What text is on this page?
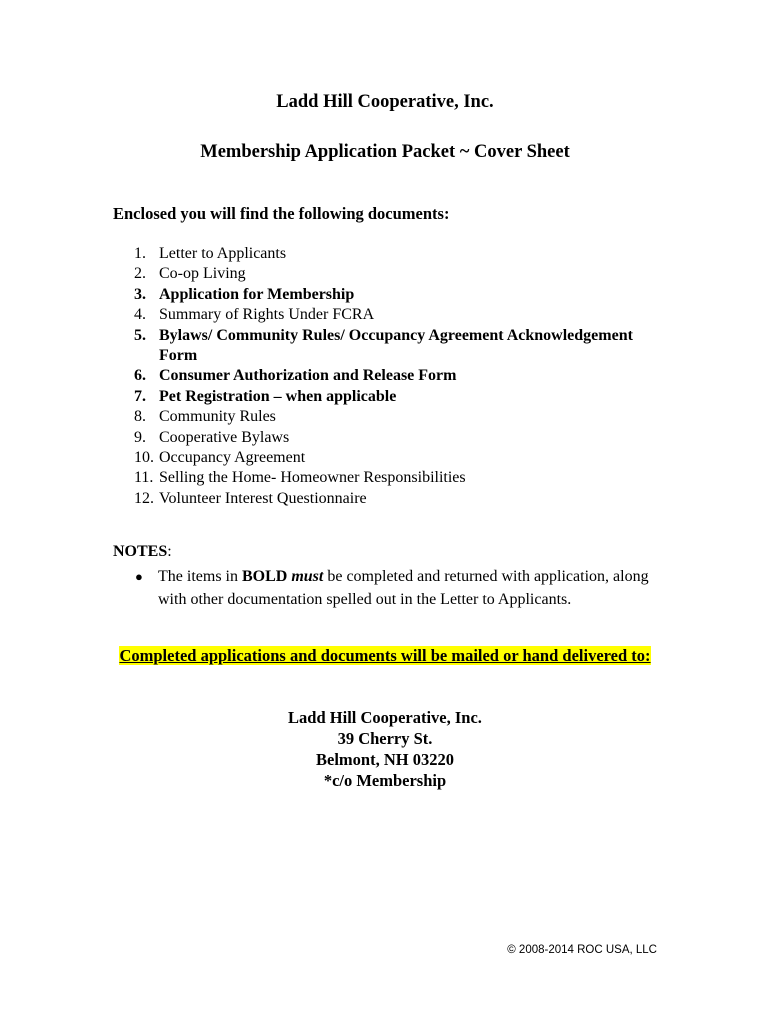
Ladd Hill Cooperative, Inc.
Membership Application Packet ~ Cover Sheet
Enclosed you will find the following documents:
1. Letter to Applicants
2. Co-op Living
3. Application for Membership
4. Summary of Rights Under FCRA
5. Bylaws/ Community Rules/ Occupancy Agreement Acknowledgement Form
6. Consumer Authorization and Release Form
7. Pet Registration – when applicable
8. Community Rules
9. Cooperative Bylaws
10. Occupancy Agreement
11. Selling the Home- Homeowner Responsibilities
12. Volunteer Interest Questionnaire
NOTES:
● The items in BOLD must be completed and returned with application, along with other documentation spelled out in the Letter to Applicants.
Completed applications and documents will be mailed or hand delivered to:
Ladd Hill Cooperative, Inc.
39 Cherry St.
Belmont, NH 03220
*c/o Membership
© 2008-2014 ROC USA, LLC
